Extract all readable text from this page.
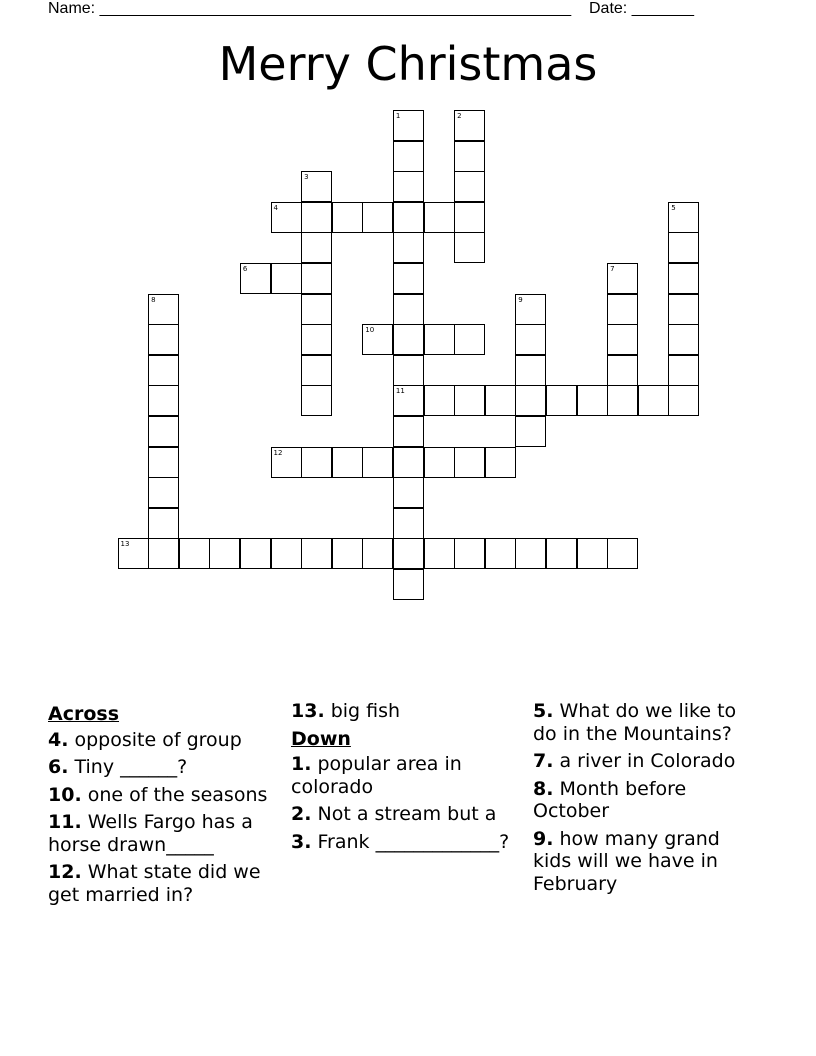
Name: _____________________________________________________ Date: _______
Merry Christmas
1
11
2
3
4	5
6	7
8	9
10
12
13
Across
4. opposite of group
6. Tiny ______?
10. one of the seasons
11. Wells Fargo has a horse drawn_____
12. What state did we get married in?
13. big fish
Down
1. popular area in colorado
2. Not a stream but a
3. Frank _____________?
5. What do we like to do in the Mountains?
7. a river in Colorado
8. Month before October
9. how many grand kids will we have in February
